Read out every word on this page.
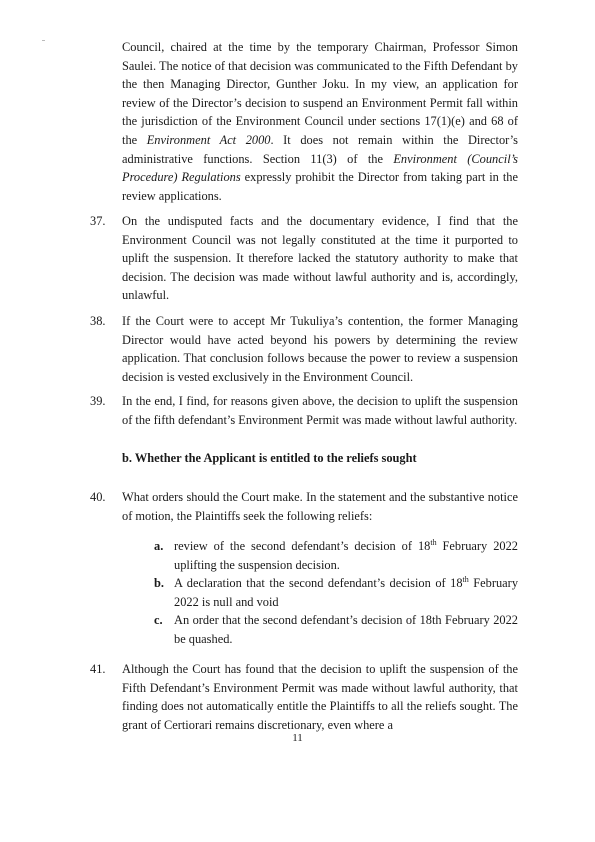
Council, chaired at the time by the temporary Chairman, Professor Simon Saulei. The notice of that decision was communicated to the Fifth Defendant by the then Managing Director, Gunther Joku. In my view, an application for review of the Director’s decision to suspend an Environment Permit fall within the jurisdiction of the Environment Council under sections 17(1)(e) and 68 of the Environment Act 2000. It does not remain within the Director’s administrative functions. Section 11(3) of the Environment (Council’s Procedure) Regulations expressly prohibit the Director from taking part in the review applications.
37. On the undisputed facts and the documentary evidence, I find that the Environment Council was not legally constituted at the time it purported to uplift the suspension. It therefore lacked the statutory authority to make that decision. The decision was made without lawful authority and is, accordingly, unlawful.
38. If the Court were to accept Mr Tukuliya’s contention, the former Managing Director would have acted beyond his powers by determining the review application. That conclusion follows because the power to review a suspension decision is vested exclusively in the Environment Council.
39. In the end, I find, for reasons given above, the decision to uplift the suspension of the fifth defendant’s Environment Permit was made without lawful authority.
b. Whether the Applicant is entitled to the reliefs sought
40. What orders should the Court make. In the statement and the substantive notice of motion, the Plaintiffs seek the following reliefs:
a. review of the second defendant’s decision of 18th February 2022 uplifting the suspension decision.
b. A declaration that the second defendant’s decision of 18th February 2022 is null and void
c. An order that the second defendant’s decision of 18th February 2022 be quashed.
41. Although the Court has found that the decision to uplift the suspension of the Fifth Defendant’s Environment Permit was made without lawful authority, that finding does not automatically entitle the Plaintiffs to all the reliefs sought. The grant of Certiorari remains discretionary, even where a
11
